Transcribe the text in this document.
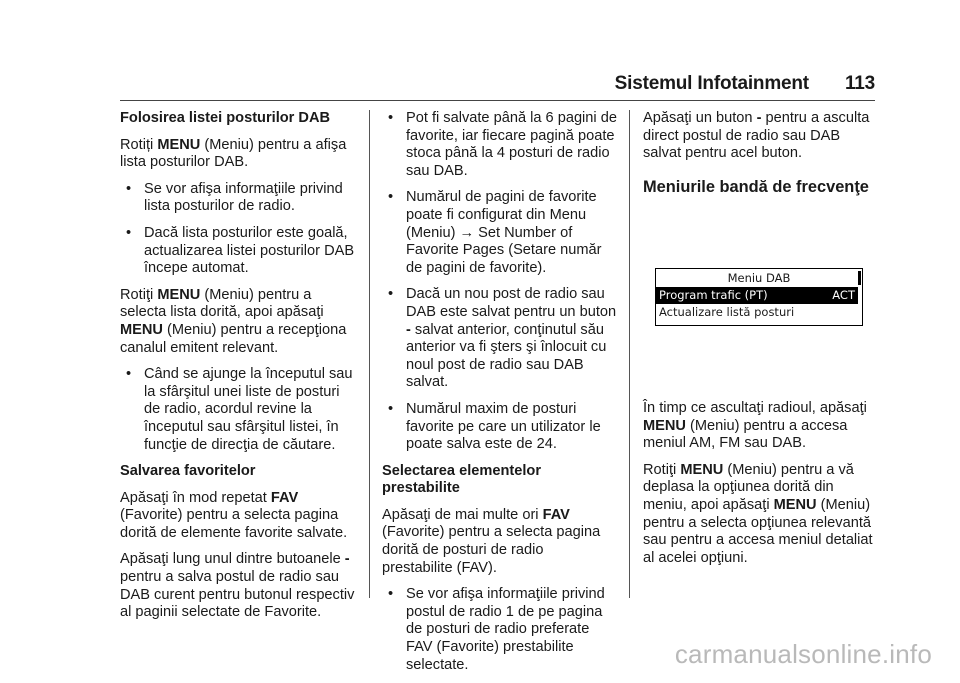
Sistemul Infotainment 113

Folosirea listei posturilor DAB

Rotiți MENU (Meniu) pentru a afişa lista posturilor DAB.

• Se vor afişa informaţiile privind lista posturilor de radio.

• Dacă lista posturilor este goală, actualizarea listei posturilor DAB începe automat.

Rotiţi MENU (Meniu) pentru a selecta lista dorită, apoi apăsaţi MENU (Meniu) pentru a recepţiona canalul emitent relevant.

• Când se ajunge la începutul sau la sfârşitul unei liste de posturi de radio, acordul revine la începutul sau sfârşitul listei, în funcţie de direcţia de căutare.

Salvarea favoritelor

Apăsaţi în mod repetat FAV (Favorite) pentru a selecta pagina dorită de elemente favorite salvate.

Apăsaţi lung unul dintre butoanele - pentru a salva postul de radio sau DAB curent pentru butonul respectiv al paginii selectate de Favorite.

• Pot fi salvate până la 6 pagini de favorite, iar fiecare pagină poate stoca până la 4 posturi de radio sau DAB.

• Numărul de pagini de favorite poate fi configurat din Menu (Meniu) → Set Number of Favorite Pages (Setare număr de pagini de favorite).

• Dacă un nou post de radio sau DAB este salvat pentru un buton - salvat anterior, conţinutul său anterior va fi şters şi înlocuit cu noul post de radio sau DAB salvat.

• Numărul maxim de posturi favorite pe care un utilizator le poate salva este de 24.

Selectarea elementelor prestabilite

Apăsaţi de mai multe ori FAV (Favorite) pentru a selecta pagina dorită de posturi de radio prestabilite (FAV).

• Se vor afişa informaţiile privind postul de radio 1 de pe pagina de posturi de radio preferate FAV (Favorite) prestabilite selectate.

Apăsaţi un buton - pentru a asculta direct postul de radio sau DAB salvat pentru acel buton.

Meniurile bandă de frecvenţe
Meniu DAB
Program trafic (PT)	ACT
Actualizare listă posturi

În timp ce ascultaţi radioul, apăsaţi MENU (Meniu) pentru a accesa meniul AM, FM sau DAB.

Rotiţi MENU (Meniu) pentru a vă deplasa la opţiunea dorită din meniu, apoi apăsaţi MENU (Meniu) pentru a selecta opţiunea relevantă sau pentru a accesa meniul detaliat al acelei opţiuni.

carmanualsonline.info
